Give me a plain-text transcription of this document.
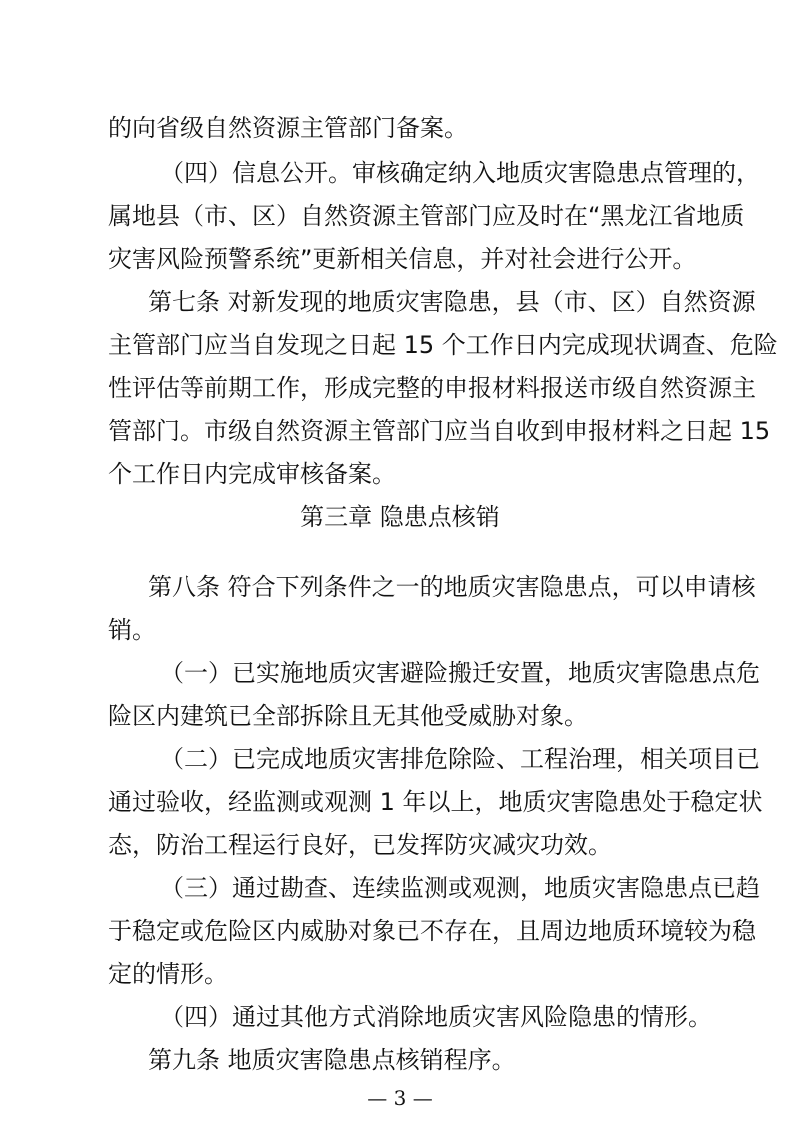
的向省级自然资源主管部门备案。
（四）信息公开。审核确定纳入地质灾害隐患点管理的，
属地县（市、区）自然资源主管部门应及时在“黑龙江省地质
灾害风险预警系统”更新相关信息，并对社会进行公开。
第七条 对新发现的地质灾害隐患，县（市、区）自然资源
主管部门应当自发现之日起 15 个工作日内完成现状调查、危险
性评估等前期工作，形成完整的申报材料报送市级自然资源主
管部门。市级自然资源主管部门应当自收到申报材料之日起 15
个工作日内完成审核备案。
第三章 隐患点核销
第八条 符合下列条件之一的地质灾害隐患点，可以申请核
销。
（一）已实施地质灾害避险搬迁安置，地质灾害隐患点危
险区内建筑已全部拆除且无其他受威胁对象。
（二）已完成地质灾害排危除险、工程治理，相关项目已
通过验收，经监测或观测 1 年以上，地质灾害隐患处于稳定状
态，防治工程运行良好，已发挥防灾减灾功效。
（三）通过勘查、连续监测或观测，地质灾害隐患点已趋
于稳定或危险区内威胁对象已不存在，且周边地质环境较为稳
定的情形。
（四）通过其他方式消除地质灾害风险隐患的情形。
第九条 地质灾害隐患点核销程序。
— 3 —
